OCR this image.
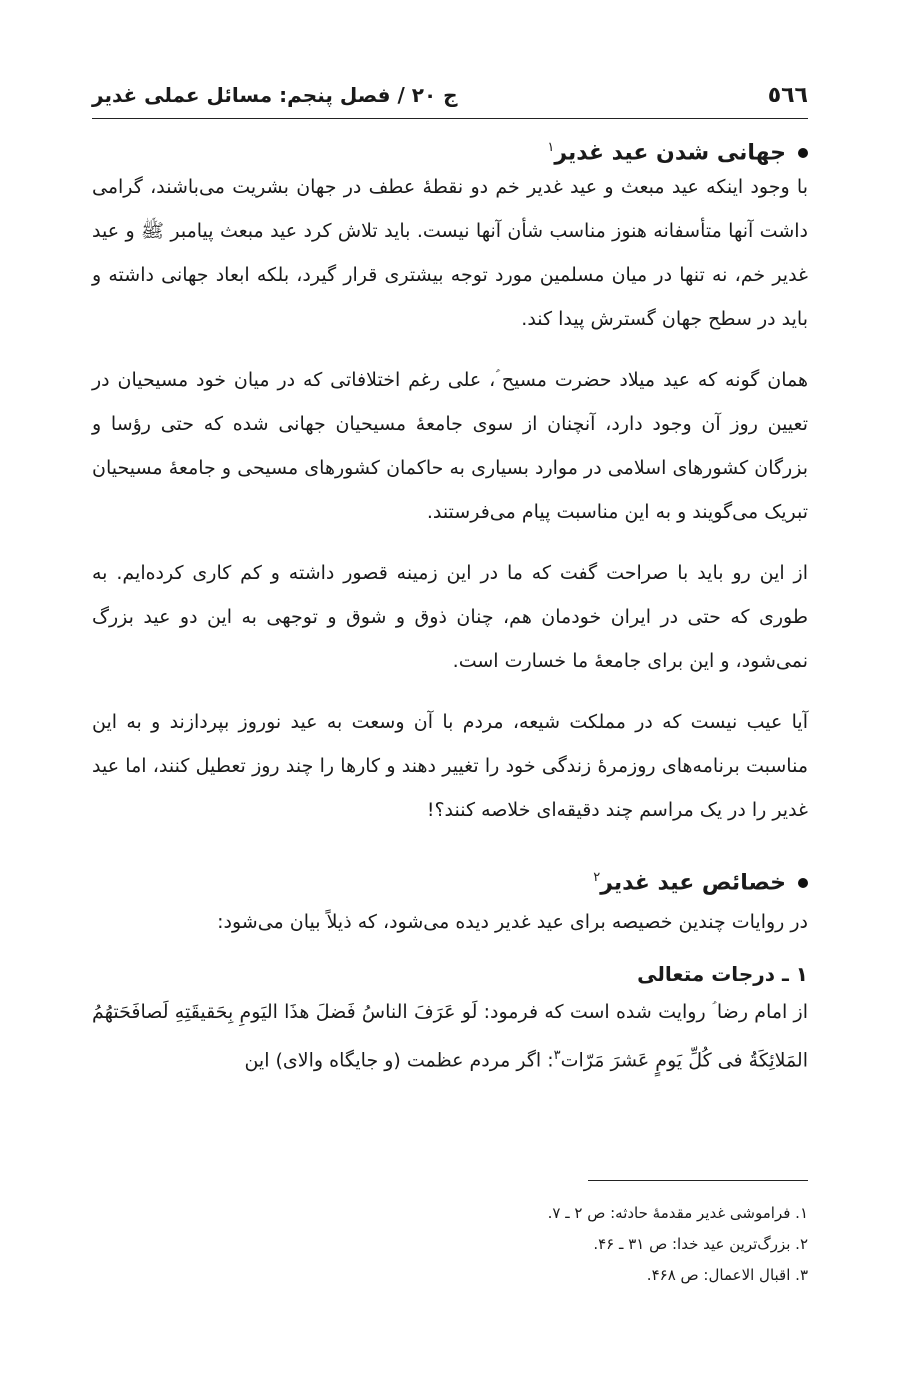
٥٦٦
ج ۲۰ / فصل پنجم: مسائل عملی غدیر
جهانی شدن عید غدیر$^۱$

با وجود اینکه عید مبعث و عید غدیر خم دو نقطهٔ عطف در جهان بشریت می‌باشند، گرامی داشت آنها متأسفانه هنوز مناسب شأن آنها نیست. باید تلاش کرد عید مبعث پیامبر ﷺ و عید غدیر خم، نه تنها در میان مسلمین مورد توجه بیشتری قرار گیرد، بلکه ابعاد جهانی داشته و باید در سطح جهان گسترش پیدا کند.

همان گونه که عید میلاد حضرت مسیح ؑ، علی رغم اختلافاتی که در میان خود مسیحیان در تعیین روز آن وجود دارد، آنچنان از سوی جامعهٔ مسیحیان جهانی شده که حتی رؤسا و بزرگان کشورهای اسلامی در موارد بسیاری به حاکمان کشورهای مسیحی و جامعهٔ مسیحیان تبریک می‌گویند و به این مناسبت پیام می‌فرستند.

از این رو باید با صراحت گفت که ما در این زمینه قصور داشته و کم کاری کرده‌ایم. به طوری که حتی در ایران خودمان هم، چنان ذوق و شوق و توجهی به این دو عید بزرگ نمی‌شود، و این برای جامعهٔ ما خسارت است.

آیا عیب نیست که در مملکت شیعه، مردم با آن وسعت به عید نوروز بپردازند و به این مناسبت برنامه‌های روزمرهٔ زندگی خود را تغییر دهند و کارها را چند روز تعطیل کنند، اما عید غدیر را در یک مراسم چند دقیقه‌ای خلاصه کنند؟!

خصائص عید غدیر$^۲$

در روایات چندین خصیصه برای عید غدیر دیده می‌شود، که ذیلاً بیان می‌شود:

۱ ـ درجات متعالی

از امام رضا ؑ روایت شده است که فرمود: لَو عَرَفَ الناسُ فَضلَ هذَا الیَومِ بِحَقیقَتِهِ لَصافَحَتهُمُ المَلائِکَةُ فی کُلِّ یَومٍ عَشرَ مَرّات$^۳$: اگر مردم عظمت (و جایگاه والای) این

۱. فراموشی غدیر مقدمهٔ حادثه: ص ۲ ـ ۷.

۲. بزرگ‌ترین عید خدا: ص ۳۱ ـ ۴۶.

۳. اقبال الاعمال: ص ۴۶۸.
